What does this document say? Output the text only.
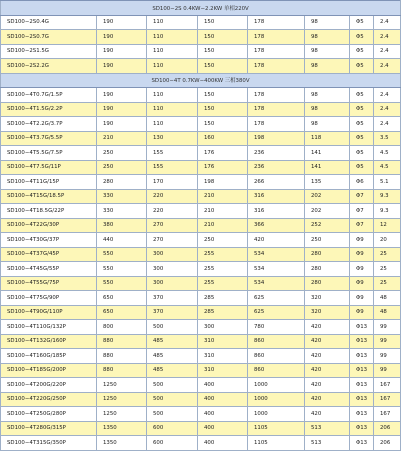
SD100−2S 0.4KW−2.2KW 单相220V							
SD100−2S0.4G	190	110	150	178	98	Φ5	2.4
SD100−2S0.7G	190	110	150	178	98	Φ5	2.4
SD100−2S1.5G	190	110	150	178	98	Φ5	2.4
SD100−2S2.2G	190	110	150	178	98	Φ5	2.4
SD100−4T 0.7KW−400KW 三相380V							
SD100−4T0.7G/1.5P	190	110	150	178	98	Φ5	2.4
SD100−4T1.5G/2.2P	190	110	150	178	98	Φ5	2.4
SD100−4T2.2G/3.7P	190	110	150	178	98	Φ5	2.4
SD100−4T3.7G/5.5P	210	130	160	198	118	Φ5	3.5
SD100−4T5.5G/7.5P	250	155	176	236	141	Φ5	4.5
SD100−4T7.5G/11P	250	155	176	236	141	Φ5	4.5
SD100−4T11G/15P	280	170	198	266	135	Φ6	5.1
SD100−4T15G/18.5P	330	220	210	316	202	Φ7	9.3
SD100−4T18.5G/22P	330	220	210	316	202	Φ7	9.3
SD100−4T22G/30P	380	270	210	366	252	Φ7	12
SD100−4T30G/37P	440	270	250	420	250	Φ9	20
SD100−4T37G/45P	550	300	255	534	280	Φ9	25
SD100−4T45G/55P	550	300	255	534	280	Φ9	25
SD100−4T55G/75P	550	300	255	534	280	Φ9	25
SD100−4T75G/90P	650	370	285	625	320	Φ9	48
SD100−4T90G/110P	650	370	285	625	320	Φ9	48
SD100−4T110G/132P	800	500	300	780	420	Φ13	99
SD100−4T132G/160P	880	485	310	860	420	Φ13	99
SD100−4T160G/185P	880	485	310	860	420	Φ13	99
SD100−4T185G/200P	880	485	310	860	420	Φ13	99
SD100−4T200G/220P	1250	500	400	1000	420	Φ13	167
SD100−4T220G/250P	1250	500	400	1000	420	Φ13	167
SD100−4T250G/280P	1250	500	400	1000	420	Φ13	167
SD100−4T280G/315P	1350	600	400	1105	513	Φ13	206
SD100−4T315G/350P	1350	600	400	1105	513	Φ13	206
